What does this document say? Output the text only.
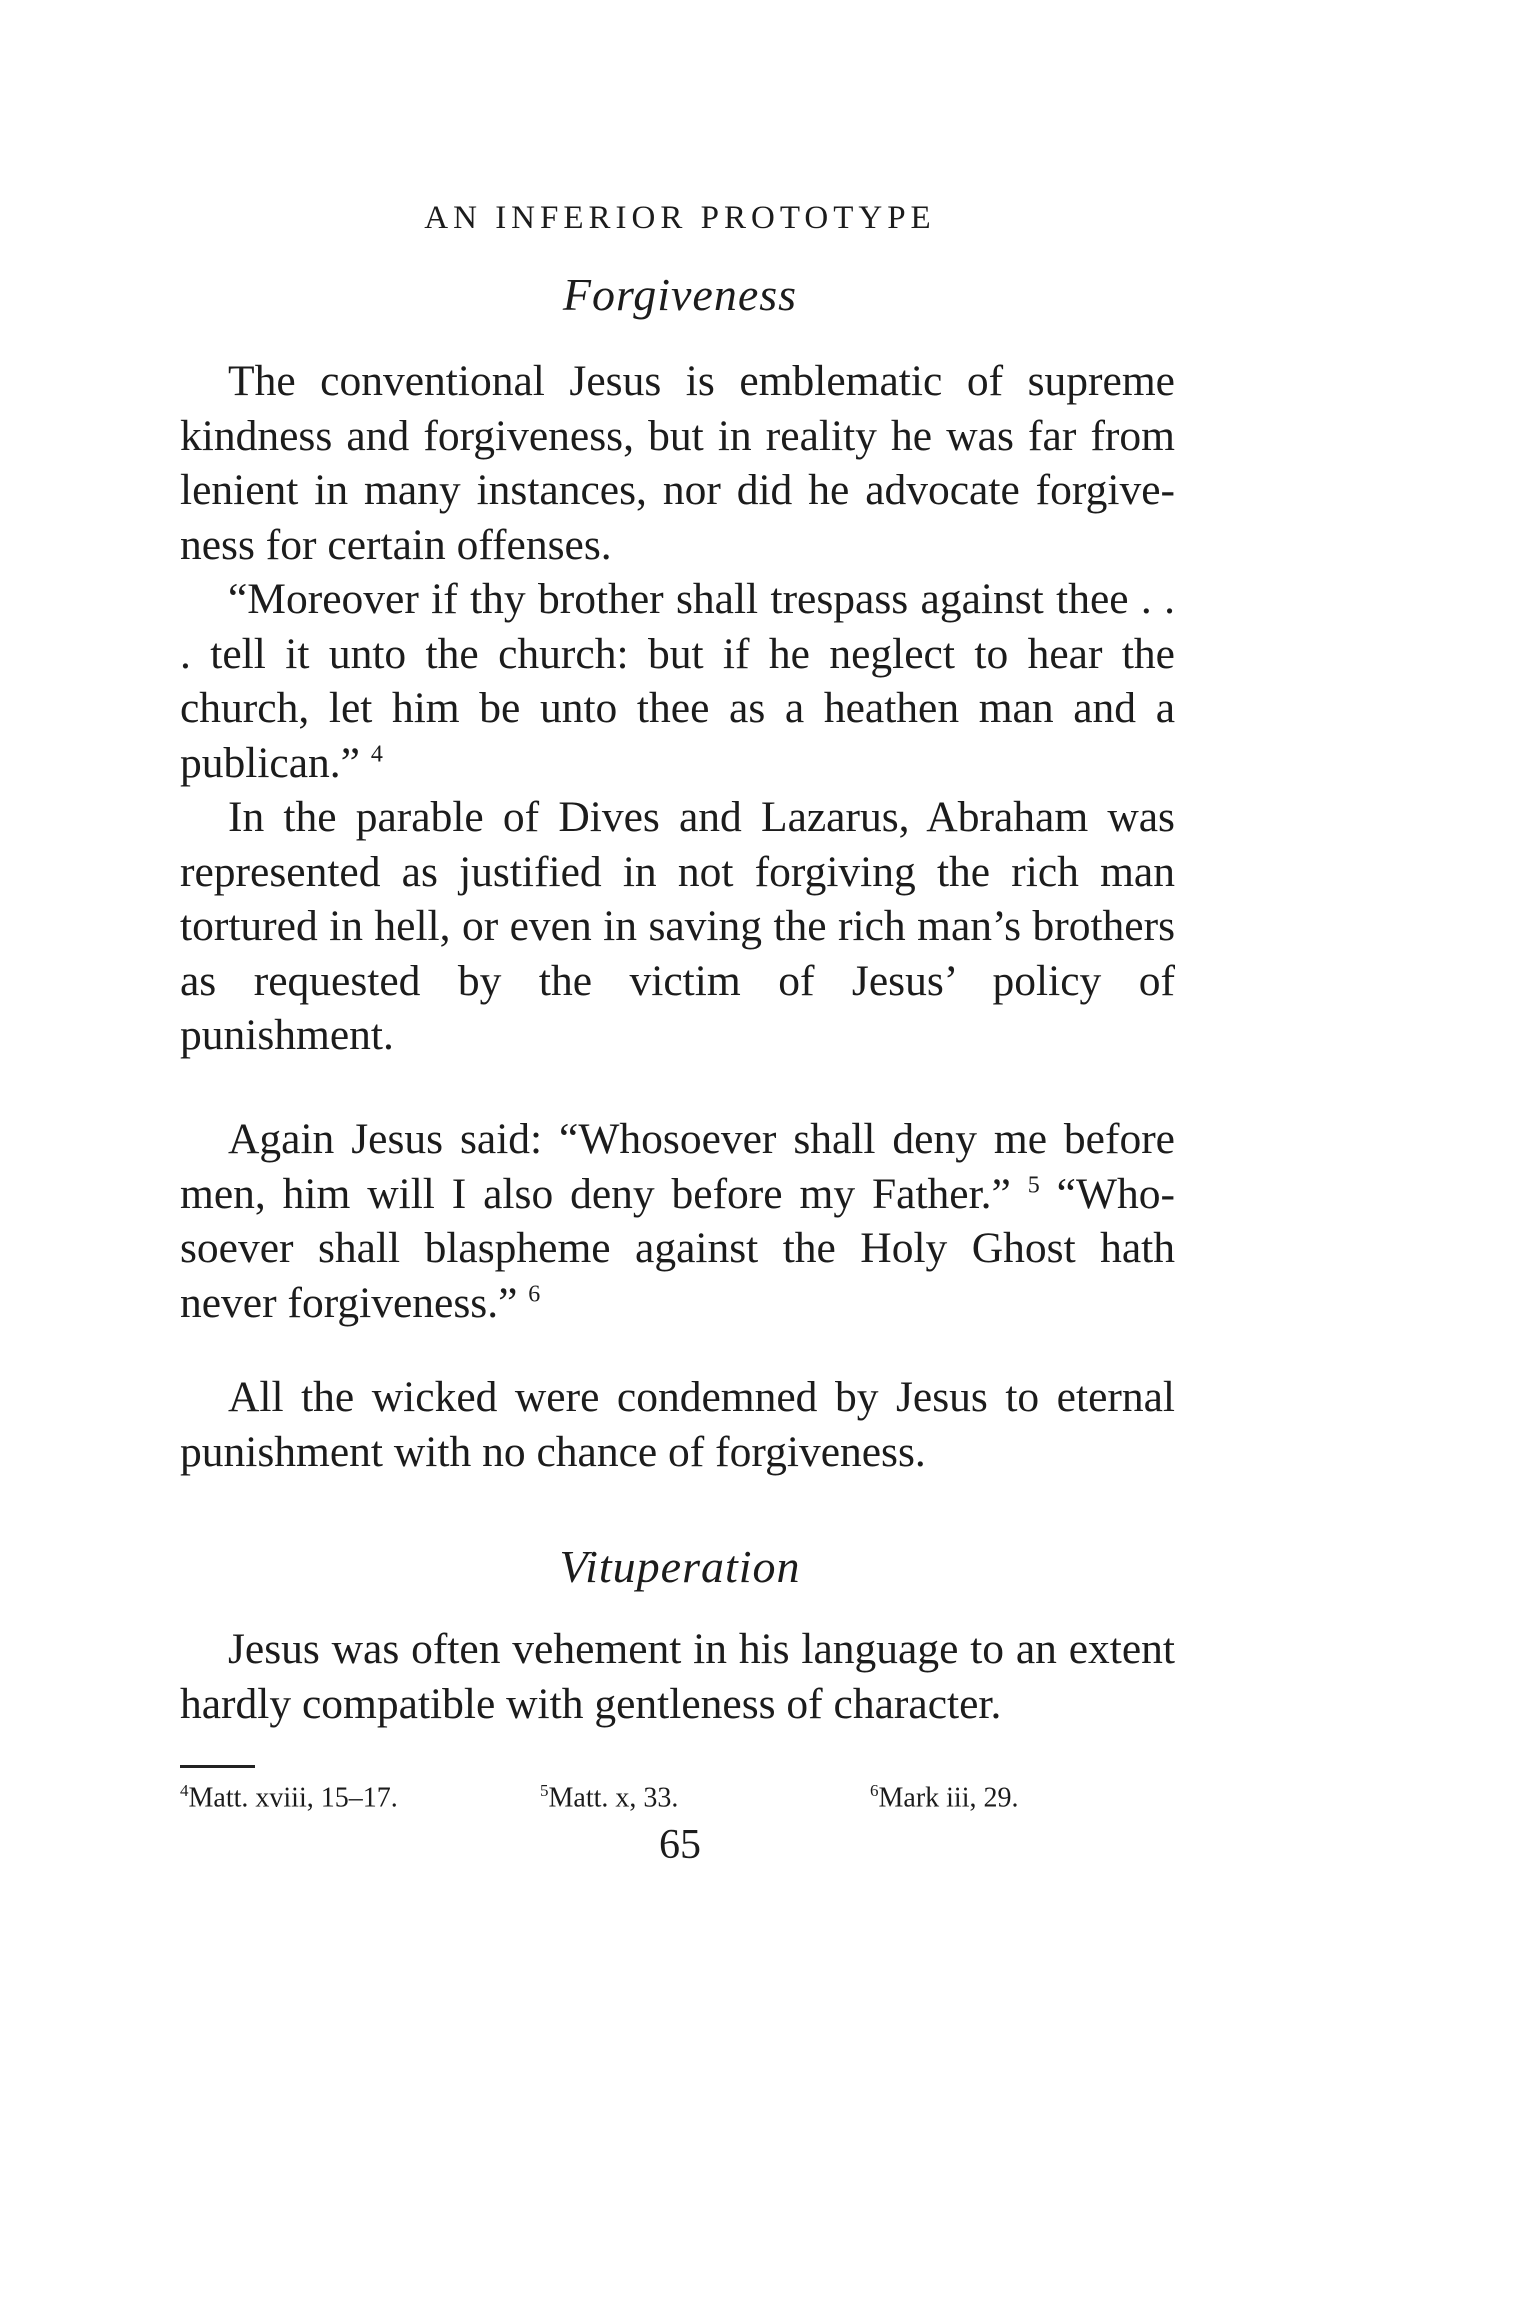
AN INFERIOR PROTOTYPE
Forgiveness

The conventional Jesus is emblematic of supreme kindness and forgiveness, but in reality he was far from lenient in many instances, nor did he advocate forgiveness for certain offenses.

“Moreover if thy brother shall trespass against thee . . . tell it unto the church: but if he neglect to hear the church, let him be unto thee as a heathen man and a publican.” $^4$

In the parable of Dives and Lazarus, Abraham was represented as justified in not forgiving the rich man tortured in hell, or even in saving the rich man’s brothers as requested by the victim of Jesus’ policy of punishment.

Again Jesus said: “Whosoever shall deny me before men, him will I also deny before my Father.” $^5$ “Whosoever shall blaspheme against the Holy Ghost hath never forgiveness.” $^6$

All the wicked were condemned by Jesus to eternal punishment with no chance of forgiveness.

Vituperation

Jesus was often vehement in his language to an extent hardly compatible with gentleness of character.

$^4$Matt. xviii, 15–17.	$^5$Matt. x, 33.	$^6$Mark iii, 29.
65
